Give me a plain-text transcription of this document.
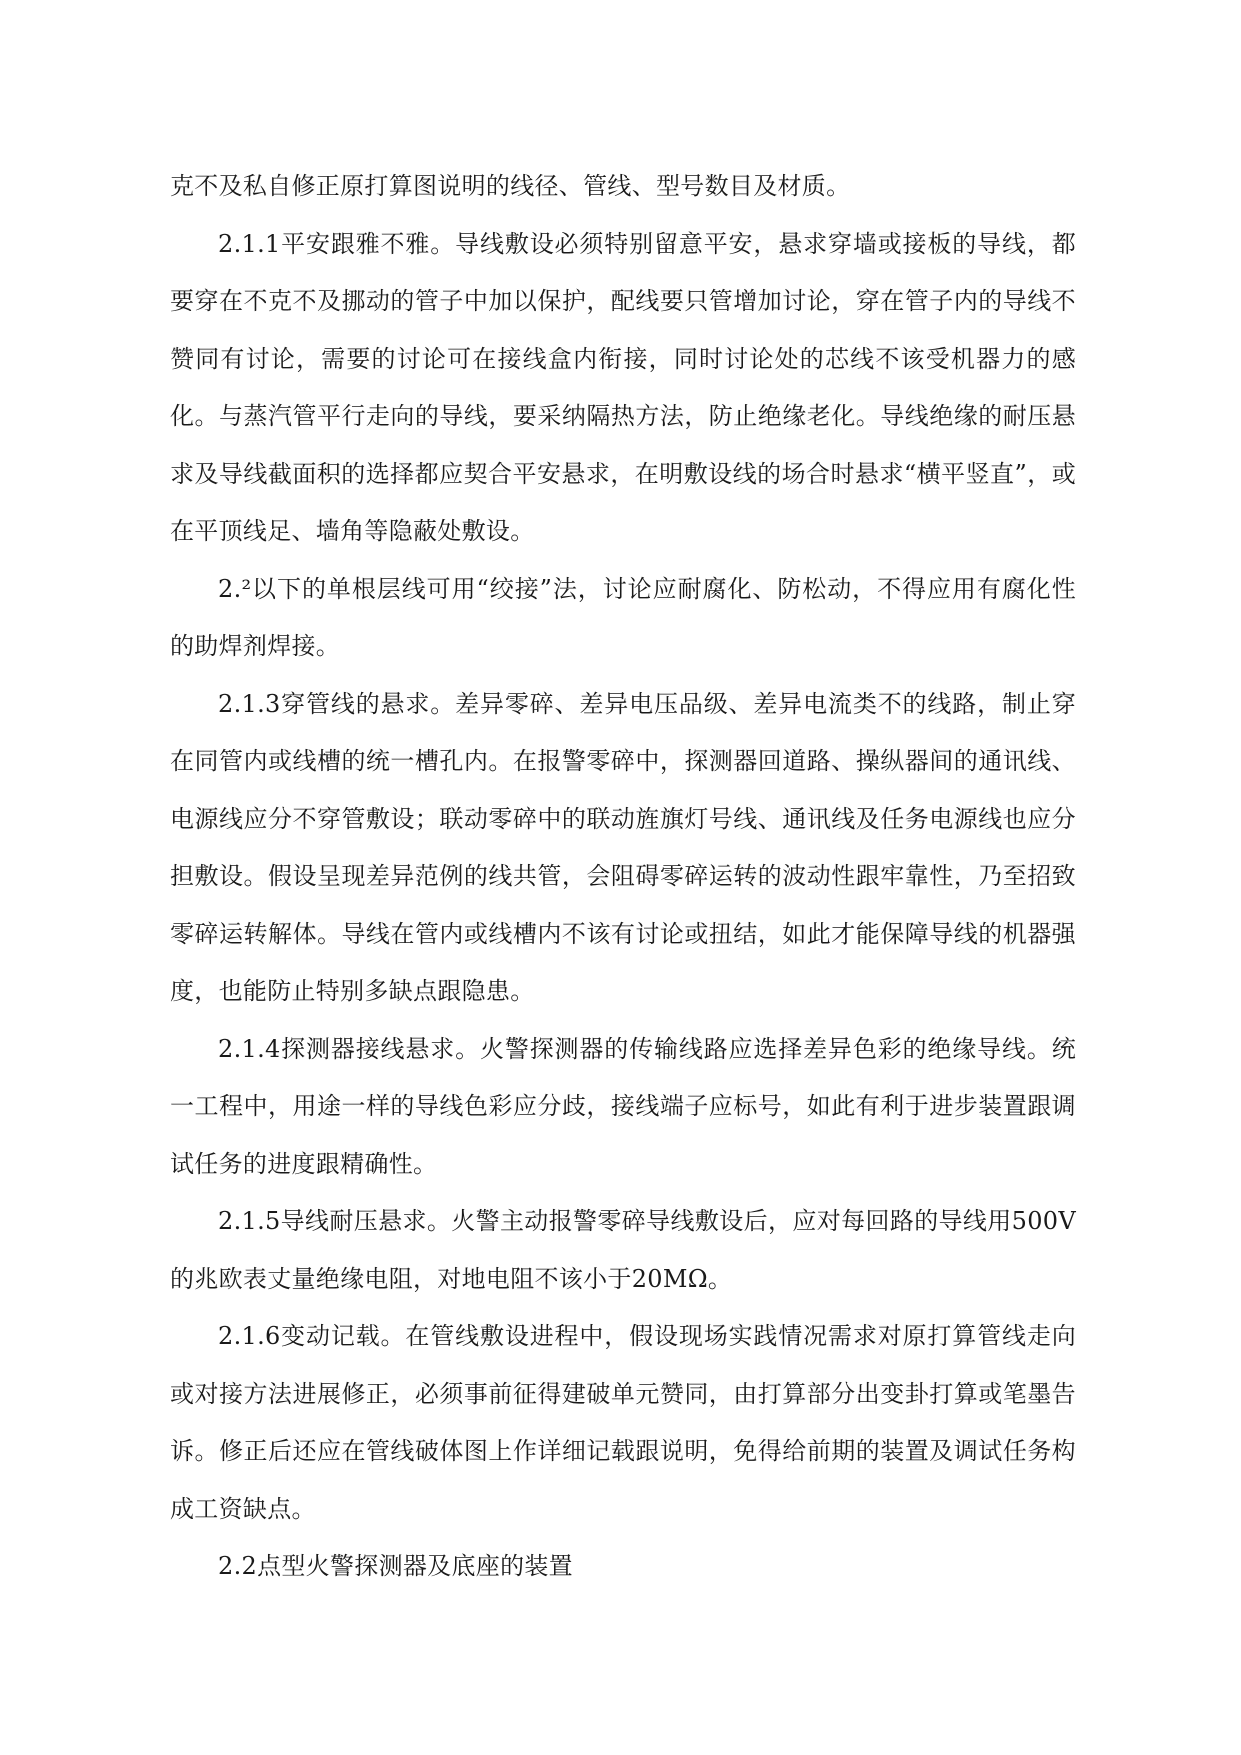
克不及私自修正原打算图说明的线径、管线、型号数目及材质。

2.1.1平安跟雅不雅。导线敷设必须特别留意平安，悬求穿墙或接板的导线，都要穿在不克不及挪动的管子中加以保护，配线要只管增加讨论，穿在管子内的导线不赞同有讨论，需要的讨论可在接线盒内衔接，同时讨论处的芯线不该受机器力的感化。与蒸汽管平行走向的导线，要采纳隔热方法，防止绝缘老化。导线绝缘的耐压悬求及导线截面积的选择都应契合平安悬求，在明敷设线的场合时悬求“横平竖直”，或在平顶线足、墙角等隐蔽处敷设。

2.²以下的单根层线可用“绞接”法，讨论应耐腐化、防松动，不得应用有腐化性的助焊剂焊接。

2.1.3穿管线的悬求。差异零碎、差异电压品级、差异电流类不的线路，制止穿在同管内或线槽的统一槽孔内。在报警零碎中，探测器回道路、操纵器间的通讯线、电源线应分不穿管敷设；联动零碎中的联动旌旗灯号线、通讯线及任务电源线也应分担敷设。假设呈现差异范例的线共管，会阻碍零碎运转的波动性跟牢靠性，乃至招致零碎运转解体。导线在管内或线槽内不该有讨论或扭结，如此才能保障导线的机器强度，也能防止特别多缺点跟隐患。

2.1.4探测器接线悬求。火警探测器的传输线路应选择差异色彩的绝缘导线。统一工程中，用途一样的导线色彩应分歧，接线端子应标号，如此有利于进步装置跟调试任务的进度跟精确性。

2.1.5导线耐压悬求。火警主动报警零碎导线敷设后，应对每回路的导线用500V的兆欧表丈量绝缘电阻，对地电阻不该小于20MΩ。

2.1.6变动记载。在管线敷设进程中，假设现场实践情况需求对原打算管线走向或对接方法进展修正，必须事前征得建破单元赞同，由打算部分出变卦打算或笔墨告诉。修正后还应在管线破体图上作详细记载跟说明，免得给前期的装置及调试任务构成工资缺点。

2.2点型火警探测器及底座的装置
